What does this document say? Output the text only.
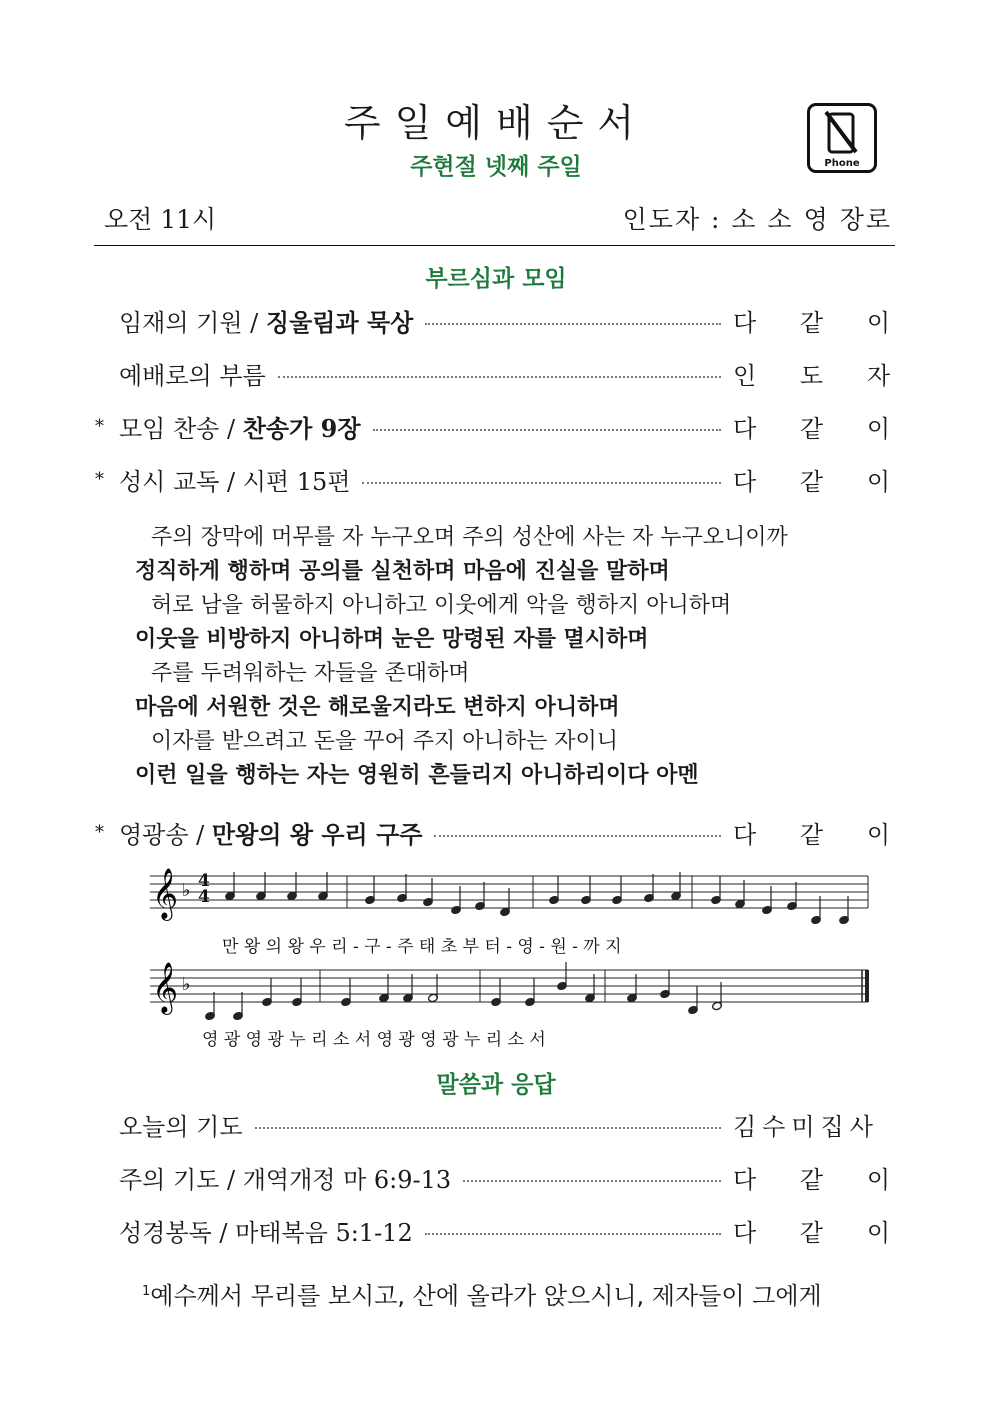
주일예배순서
주현절 넷째 주일	Phone
오전 11시	인도자 : 소 소 영 장로
부르심과 모임
임재의 기원 / 징울림과 묵상	다 같 이
예배로의 부름	인 도 자
* 모임 찬송 / 찬송가 9장	다 같 이
* 성시 교독 / 시편 15편	다 같 이
주의 장막에 머무를 자 누구오며 주의 성산에 사는 자 누구오니이까
정직하게 행하며 공의를 실천하며 마음에 진실을 말하며
허로 남을 허물하지 아니하고 이웃에게 악을 행하지 아니하며
이웃을 비방하지 아니하며 눈은 망령된 자를 멸시하며
주를 두려워하는 자들을 존대하며
마음에 서원한 것은 해로울지라도 변하지 아니하며
이자를 받으려고 돈을 꾸어 주지 아니하는 자이니
이런 일을 행하는 자는 영원히 흔들리지 아니하리이다 아멘
* 영광송 / 만왕의 왕 우리 구주	다 같 이
𝄞 ♭
𝄞 ♭
4
4
만 왕 의 왕 우 리 - 구 - 주 태 초 부 터 - 영 - 원 - 까 지
영 광 영 광 누 리 소 서 영 광 영 광 누 리 소 서
말씀과 응답
오늘의 기도	김수미집사
주의 기도 / 개역개정 마 6:9-13	다 같 이
성경봉독 / 마태복음 5:1-12	다 같 이
$^1$예수께서 무리를 보시고, 산에 올라가 앉으시니, 제자들이 그에게
